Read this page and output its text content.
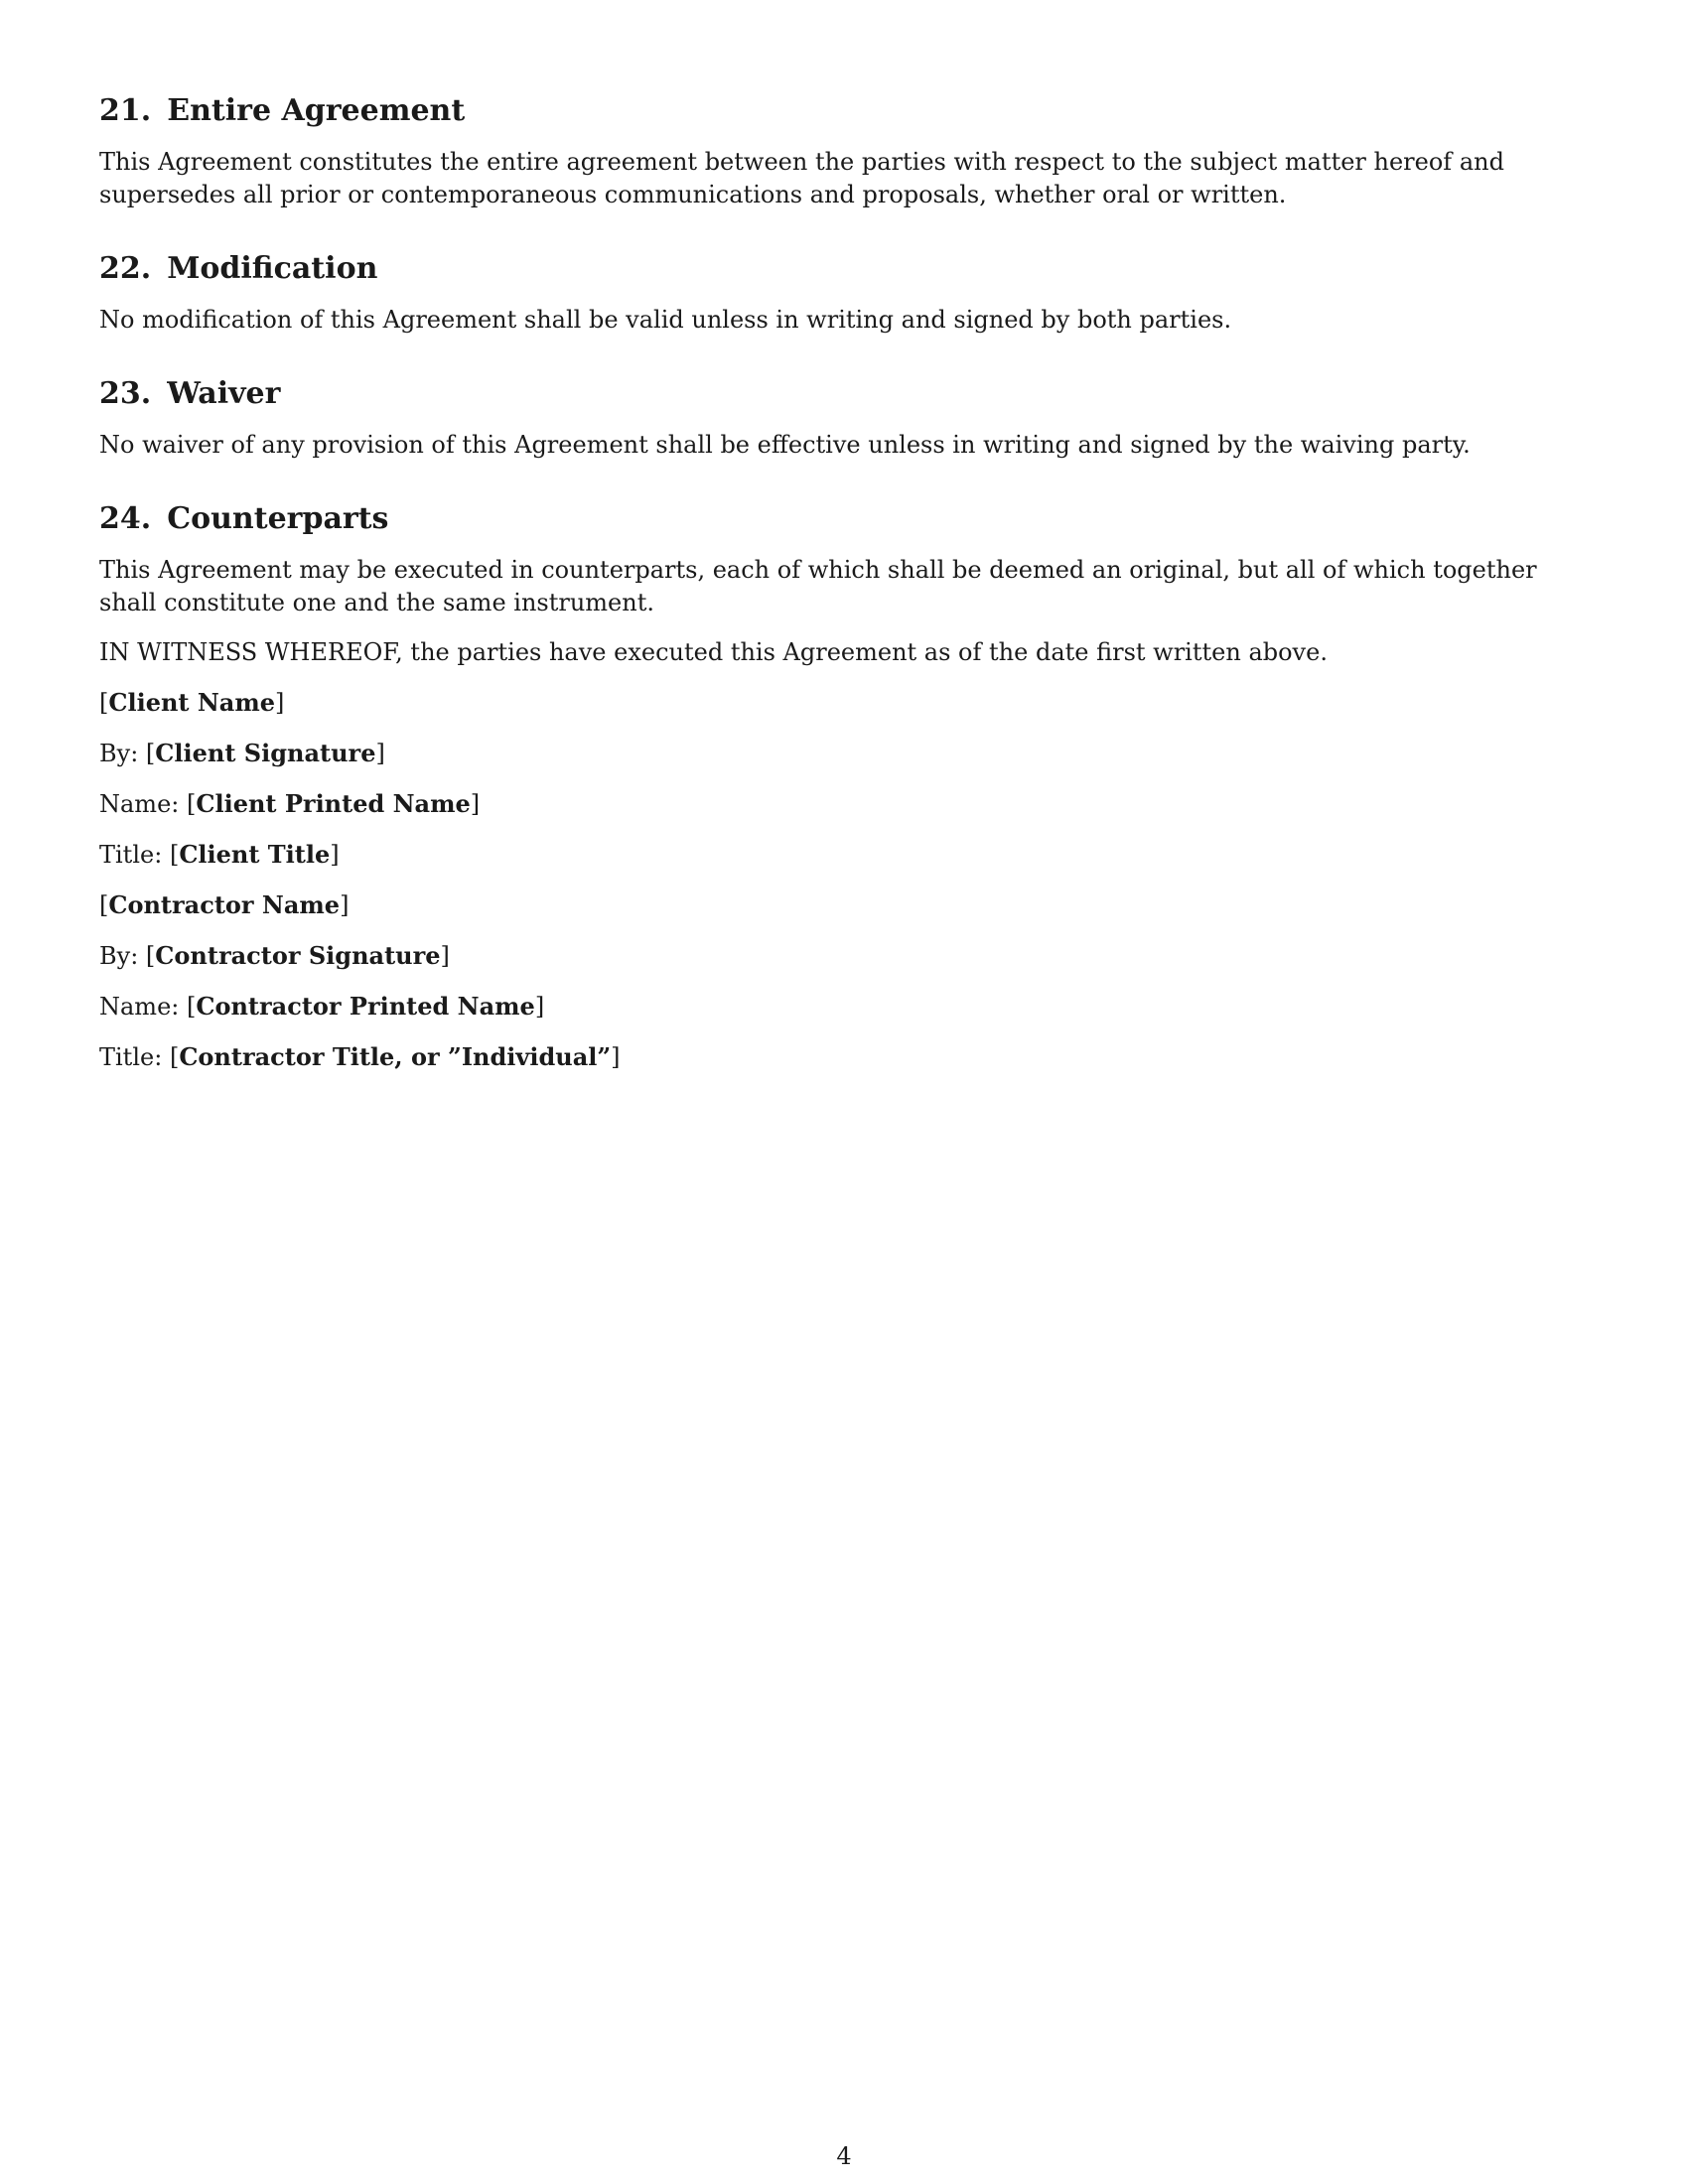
21. Entire Agreement

This Agreement constitutes the entire agreement between the parties with respect to the subject matter hereof and supersedes all prior or contemporaneous communications and proposals, whether oral or written.

22. Modification

No modification of this Agreement shall be valid unless in writing and signed by both parties.

23. Waiver

No waiver of any provision of this Agreement shall be effective unless in writing and signed by the waiving party.

24. Counterparts

This Agreement may be executed in counterparts, each of which shall be deemed an original, but all of which together shall constitute one and the same instrument.

IN WITNESS WHEREOF, the parties have executed this Agreement as of the date first written above.

[Client Name]

By: [Client Signature]

Name: [Client Printed Name]

Title: [Client Title]

[Contractor Name]

By: [Contractor Signature]

Name: [Contractor Printed Name]

Title: [Contractor Title, or ”Individual”]

4
